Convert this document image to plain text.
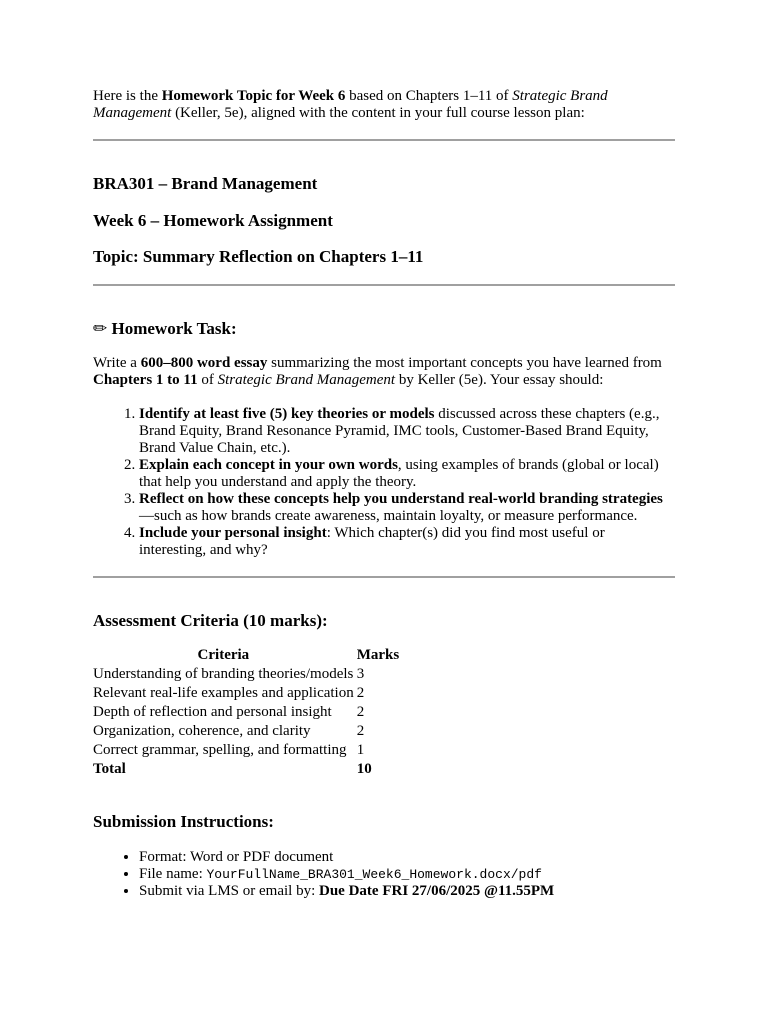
Here is the Homework Topic for Week 6 based on Chapters 1–11 of Strategic Brand Management (Keller, 5e), aligned with the content in your full course lesson plan:

BRA301 – Brand Management
Week 6 – Homework Assignment
Topic: Summary Reflection on Chapters 1–11
✏ Homework Task:

Write a 600–800 word essay summarizing the most important concepts you have learned from Chapters 1 to 11 of Strategic Brand Management by Keller (5e). Your essay should:

1. Identify at least five (5) key theories or models discussed across these chapters (e.g., Brand Equity, Brand Resonance Pyramid, IMC tools, Customer-Based Brand Equity, Brand Value Chain, etc.).
2. Explain each concept in your own words, using examples of brands (global or local) that help you understand and apply the theory.
3. Reflect on how these concepts help you understand real-world branding strategies—such as how brands create awareness, maintain loyalty, or measure performance.
4. Include your personal insight: Which chapter(s) did you find most useful or interesting, and why?
Assessment Criteria (10 marks):
Criteria	Marks
Understanding of branding theories/models	3
Relevant real-life examples and application	2
Depth of reflection and personal insight	2
Organization, coherence, and clarity	2
Correct grammar, spelling, and formatting	1
Total	10
Submission Instructions:
• Format: Word or PDF document
• File name: YourFullName_BRA301_Week6_Homework.docx/pdf
• Submit via LMS or email by: Due Date FRI 27/06/2025 @11.55PM
